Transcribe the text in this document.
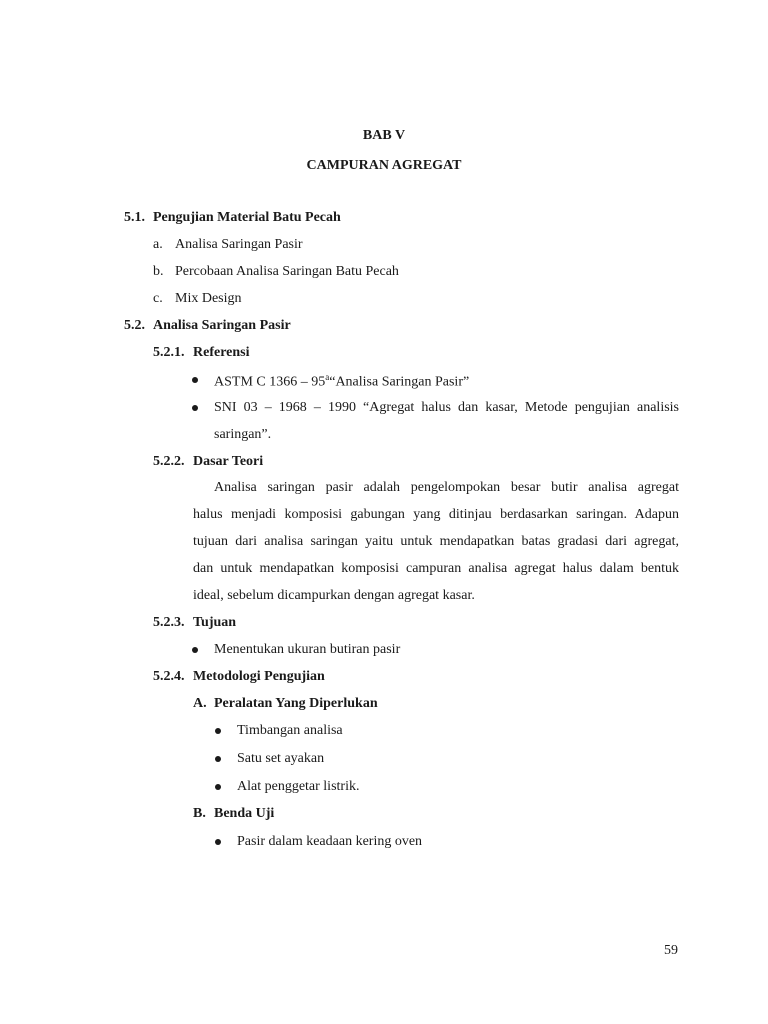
BAB V
CAMPURAN AGREGAT
5.1. Pengujian Material Batu Pecah
a. Analisa Saringan Pasir
b. Percobaan Analisa Saringan Batu Pecah
c. Mix Design
5.2. Analisa Saringan Pasir
5.2.1. Referensi
ASTM C 1366 – 95$^a$“Analisa Saringan Pasir”
SNI 03 – 1968 – 1990 “Agregat halus dan kasar, Metode pengujian analisis
saringan”.
5.2.2. Dasar Teori
Analisa saringan pasir adalah pengelompokan besar butir analisa agregat
halus menjadi komposisi gabungan yang ditinjau berdasarkan saringan. Adapun
tujuan dari analisa saringan yaitu untuk mendapatkan batas gradasi dari agregat,
dan untuk mendapatkan komposisi campuran analisa agregat halus dalam bentuk
ideal, sebelum dicampurkan dengan agregat kasar.
5.2.3. Tujuan
Menentukan ukuran butiran pasir
5.2.4. Metodologi Pengujian
A. Peralatan Yang Diperlukan
Timbangan analisa
Satu set ayakan
Alat penggetar listrik.
B. Benda Uji
Pasir dalam keadaan kering oven
59
